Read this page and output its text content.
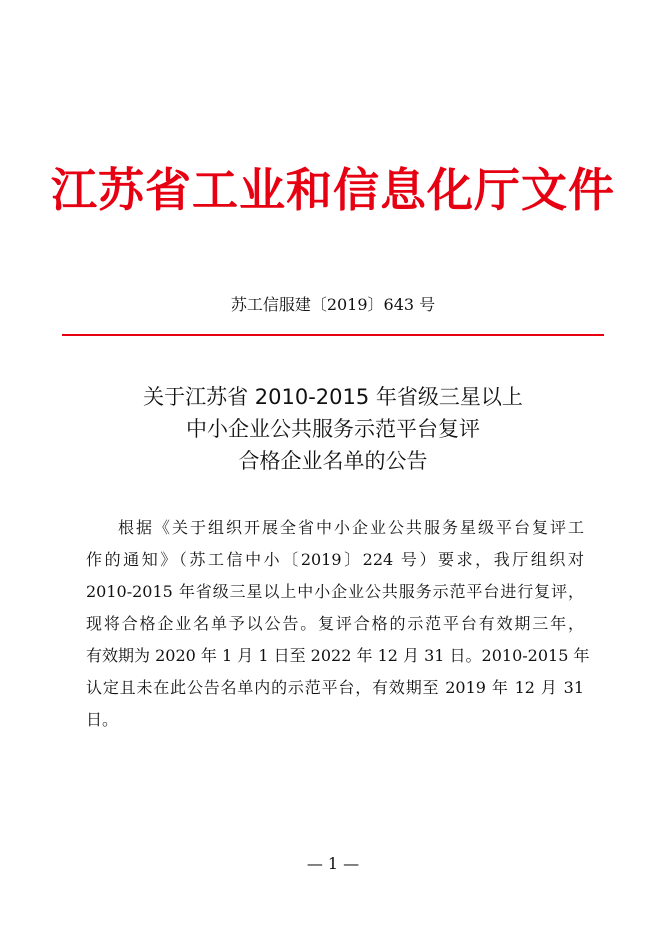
江苏省工业和信息化厅文件
苏工信服建〔2019〕643 号
关于江苏省 2010-2015 年省级三星以上
中小企业公共服务示范平台复评
合格企业名单的公告
根据《关于组织开展全省中小企业公共服务星级平台复评工
作的通知》（苏工信中小〔2019〕224 号）要求，我厅组织对
2010-2015 年省级三星以上中小企业公共服务示范平台进行复评，
现将合格企业名单予以公告。复评合格的示范平台有效期三年，
有效期为 2020 年 1 月 1 日至 2022 年 12 月 31 日。2010-2015 年
认定且未在此公告名单内的示范平台，有效期至 2019 年 12 月 31
日。
— 1 —
